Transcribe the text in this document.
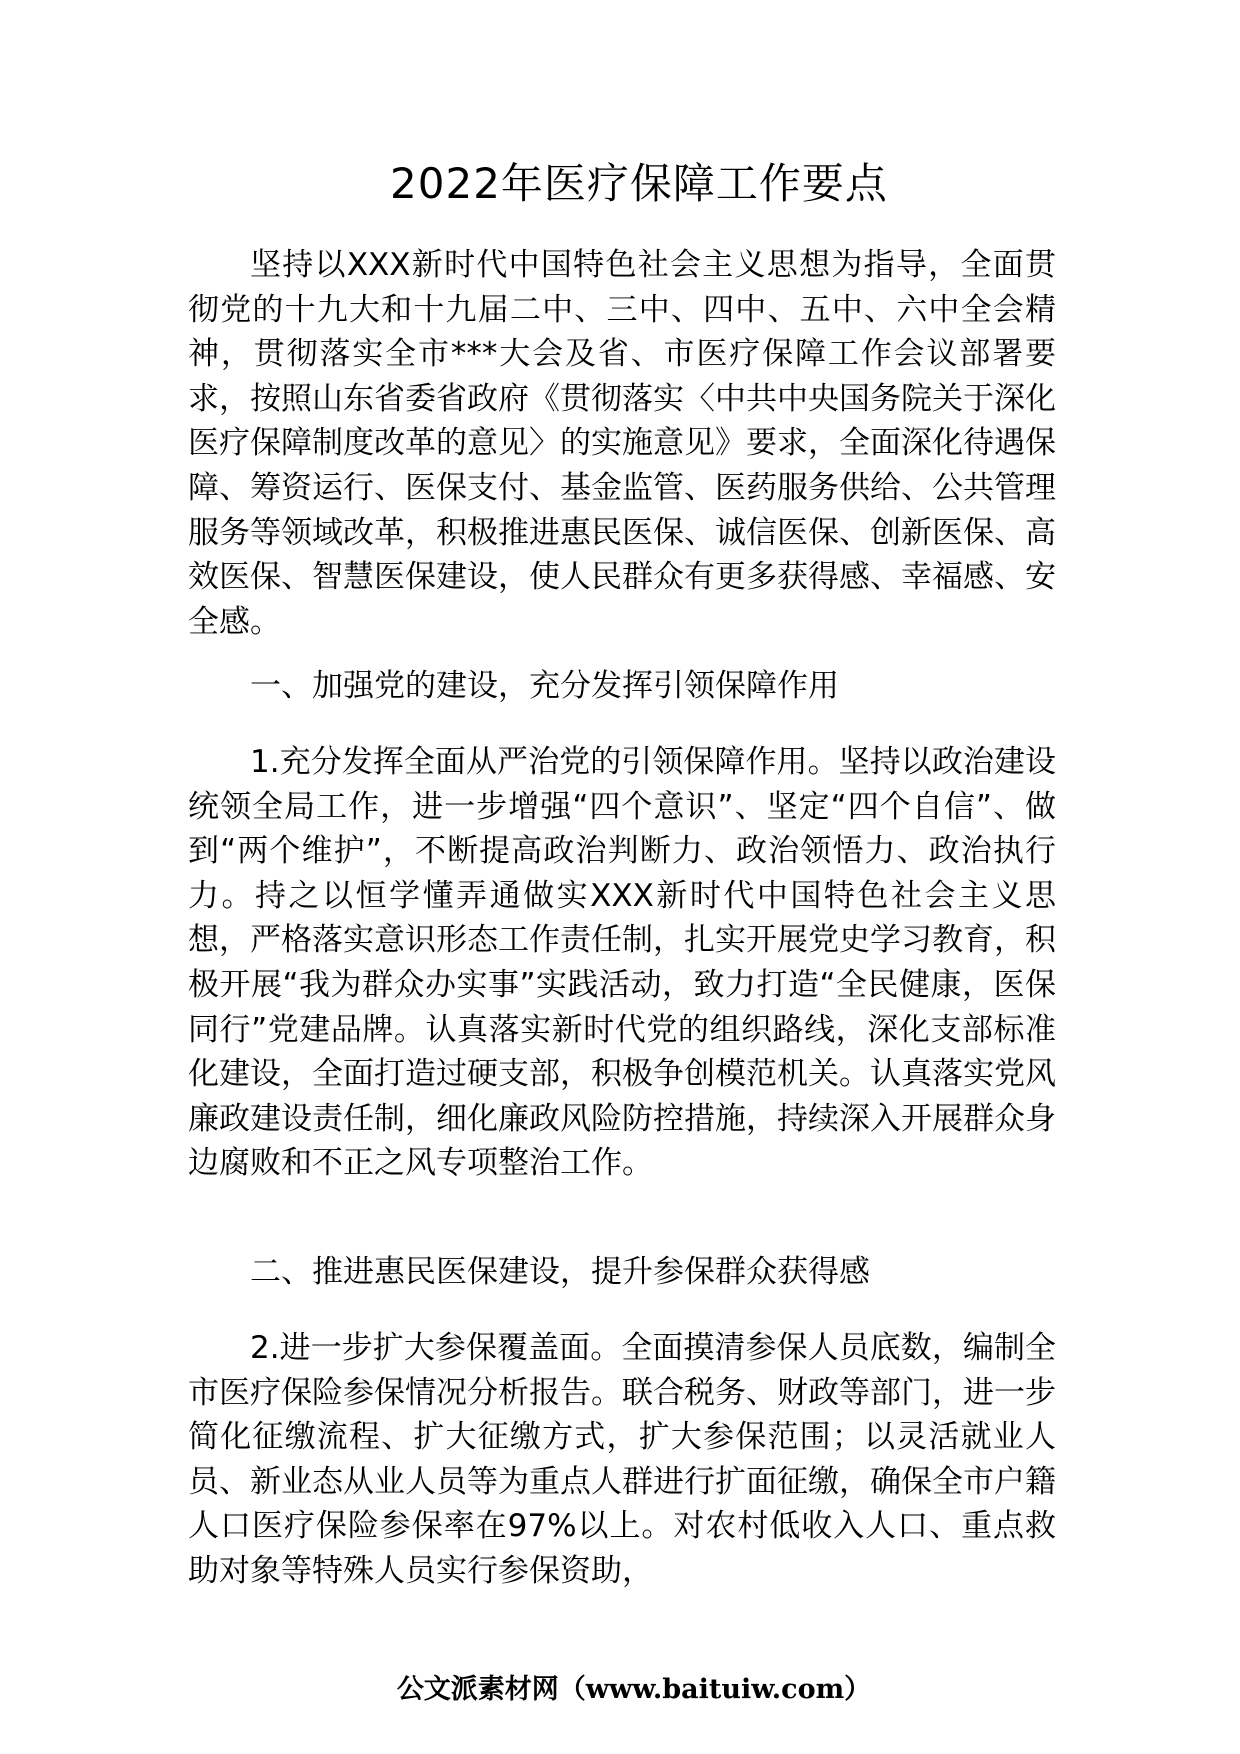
2022年医疗保障工作要点

坚持以XXX新时代中国特色社会主义思想为指导，全面贯彻党的十九大和十九届二中、三中、四中、五中、六中全会精神，贯彻落实全市***大会及省、市医疗保障工作会议部署要求，按照山东省委省政府《贯彻落实〈中共中央国务院关于深化医疗保障制度改革的意见〉的实施意见》要求，全面深化待遇保障、筹资运行、医保支付、基金监管、医药服务供给、公共管理服务等领域改革，积极推进惠民医保、诚信医保、创新医保、高效医保、智慧医保建设，使人民群众有更多获得感、幸福感、安全感。

一、加强党的建设，充分发挥引领保障作用

1.充分发挥全面从严治党的引领保障作用。坚持以政治建设统领全局工作，进一步增强“四个意识”、坚定“四个自信”、做到“两个维护”，不断提高政治判断力、政治领悟力、政治执行力。持之以恒学懂弄通做实XXX新时代中国特色社会主义思想，严格落实意识形态工作责任制，扎实开展党史学习教育，积极开展“我为群众办实事”实践活动，致力打造“全民健康，医保同行”党建品牌。认真落实新时代党的组织路线，深化支部标准化建设，全面打造过硬支部，积极争创模范机关。认真落实党风廉政建设责任制，细化廉政风险防控措施，持续深入开展群众身边腐败和不正之风专项整治工作。

二、推进惠民医保建设，提升参保群众获得感

2.进一步扩大参保覆盖面。全面摸清参保人员底数，编制全市医疗保险参保情况分析报告。联合税务、财政等部门，进一步简化征缴流程、扩大征缴方式，扩大参保范围；以灵活就业人员、新业态从业人员等为重点人群进行扩面征缴，确保全市户籍人口医疗保险参保率在97%以上。对农村低收入人口、重点救助对象等特殊人员实行参保资助，

公文派素材网（www.baituiw.com）
